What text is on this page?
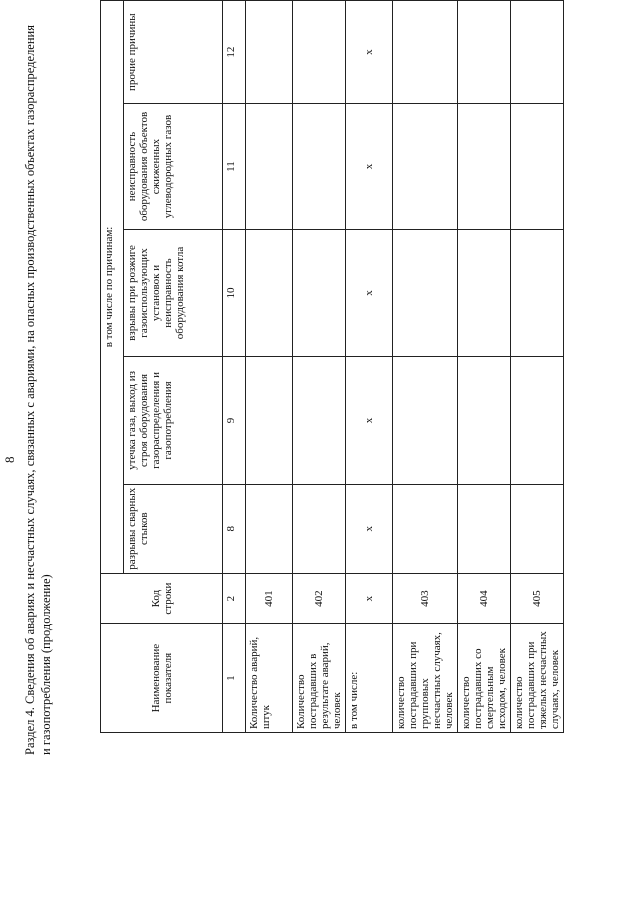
8 Раздел 4. Сведения об авариях и несчастных случаях, связанных с авариями, на опасных производственных объектах газораспределения и газопотребления (продолжение)	Наименование показателя	Код строки	в том числе по причинам:				
		разрывы сварных стыков	утечка газа, выход из строя оборудования газораспределения и газопотребления	взрывы при розжиге газоиспользующих установок и неисправность оборудования котла	неисправность оборудования объектов сжиженных углеводородных газов	прочие причины
1	2	8	9	10	11	12
Количество аварий, штук	401					
Количество пострадавших в результате аварий, человек	402					
в том числе:	x	x	x	x	x	x
количество пострадавших при групповых несчастных случаях, человек	403					
количество пострадавших со смертельным исходом, человек	404					
количество пострадавших при тяжелых несчастных случаях, человек	405					
